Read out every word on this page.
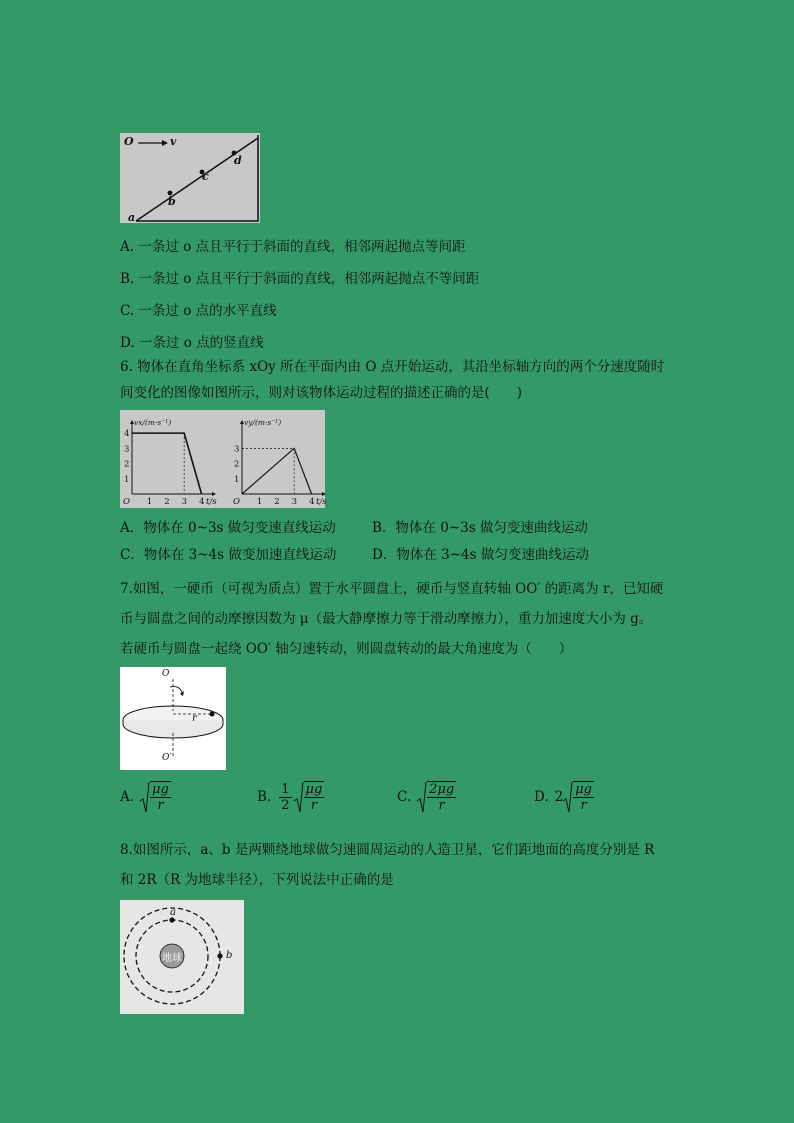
O	v
a
b
c
d
A. 一条过 o 点且平行于斜面的直线，相邻两起抛点等间距
B. 一条过 o 点且平行于斜面的直线，相邻两起抛点不等间距
C. 一条过 o 点的水平直线
D. 一条过 o 点的竖直线
6. 物体在直角坐标系 xOy 所在平面内由 O 点开始运动，其沿坐标轴方向的两个分速度随时
间变化的图像如图所示，则对该物体运动过程的描述正确的是(　　)
1 2 3 4
1
2
3
4
O	t/s
vx/(m·s⁻¹)
1 2 3 4
1
2
3
O	t/s
vy/(m·s⁻¹)
A．物体在 0~3s 做匀变速直线运动	B．物体在 0~3s 做匀变速曲线运动
C．物体在 3~4s 做变加速直线运动	D．物体在 3~4s 做匀变速曲线运动
7.如图，一硬币（可视为质点）置于水平圆盘上，硬币与竖直转轴 OO′ 的距离为 r，已知硬
币与圆盘之间的动摩擦因数为 μ（最大静摩擦力等于滑动摩擦力），重力加速度大小为 g。
若硬币与圆盘一起绕 OO′ 轴匀速转动，则圆盘转动的最大角速度为（　　）
O
O′
r
A. $\frac{\mu g}{r}$	B. $\frac{1}{2} \frac{\mu g}{r}$	C. $\frac{2\mu g}{r}$	D. $2 \frac{\mu g}{r}$
8.如图所示，a、b 是两颗绕地球做匀速圆周运动的人造卫星，它们距地面的高度分别是 R
和 2R（R 为地球半径），下列说法中正确的是
地球
a
b
